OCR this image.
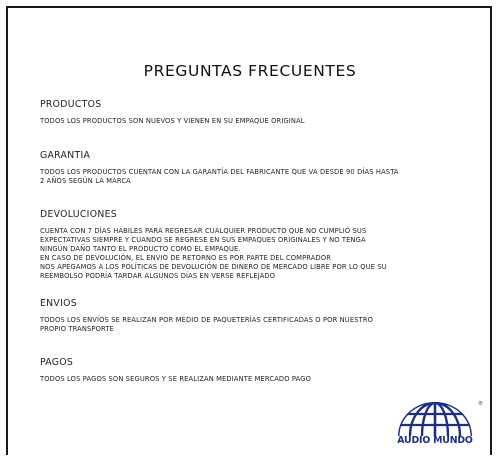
PREGUNTAS FRECUENTES
PRODUCTOS
TODOS LOS PRODUCTOS SON NUEVOS Y VIENEN EN SU EMPAQUE ORIGINAL
GARANTIA
TODOS LOS PRODUCTOS CUENTAN CON LA GARANTÍA DEL FABRICANTE QUE VA DESDE 90 DÍAS HASTA
2 AÑOS SEGÚN LA MARCA
DEVOLUCIONES
CUENTA CON 7 DÍAS HÁBILES PARA REGRESAR CUALQUIER PRODUCTO QUE NO CUMPLIÓ SUS
EXPECTATIVAS SIEMPRE Y CUANDO SE REGRESE EN SUS EMPAQUES ORIGINALES Y NO TENGA
NINGÚN DAÑO TANTO EL PRODUCTO COMO EL EMPAQUE.
EN CASO DE DEVOLUCIÓN, EL ENVIO DE RETORNO ES POR PARTE DEL COMPRADOR
NOS APEGAMOS A LOS POLÍTICAS DE DEVOLUCIÓN DE DINERO DE MERCADO LIBRE POR LO QUE SU
REEMBOLSO PODRÍA TARDAR ALGUNOS DÍAS EN VERSE REFLEJADO
ENVIOS
TODOS LOS ENVÍOS SE REALIZAN POR MEDIO DE PAQUETERÍAS CERTIFICADAS O POR NUESTRO
PROPIO TRANSPORTE
PAGOS
TODOS LOS PAGOS SON SEGUROS Y SE REALIZAN MEDIANTE MERCADO PAGO
®
AUDIO MUNDO
